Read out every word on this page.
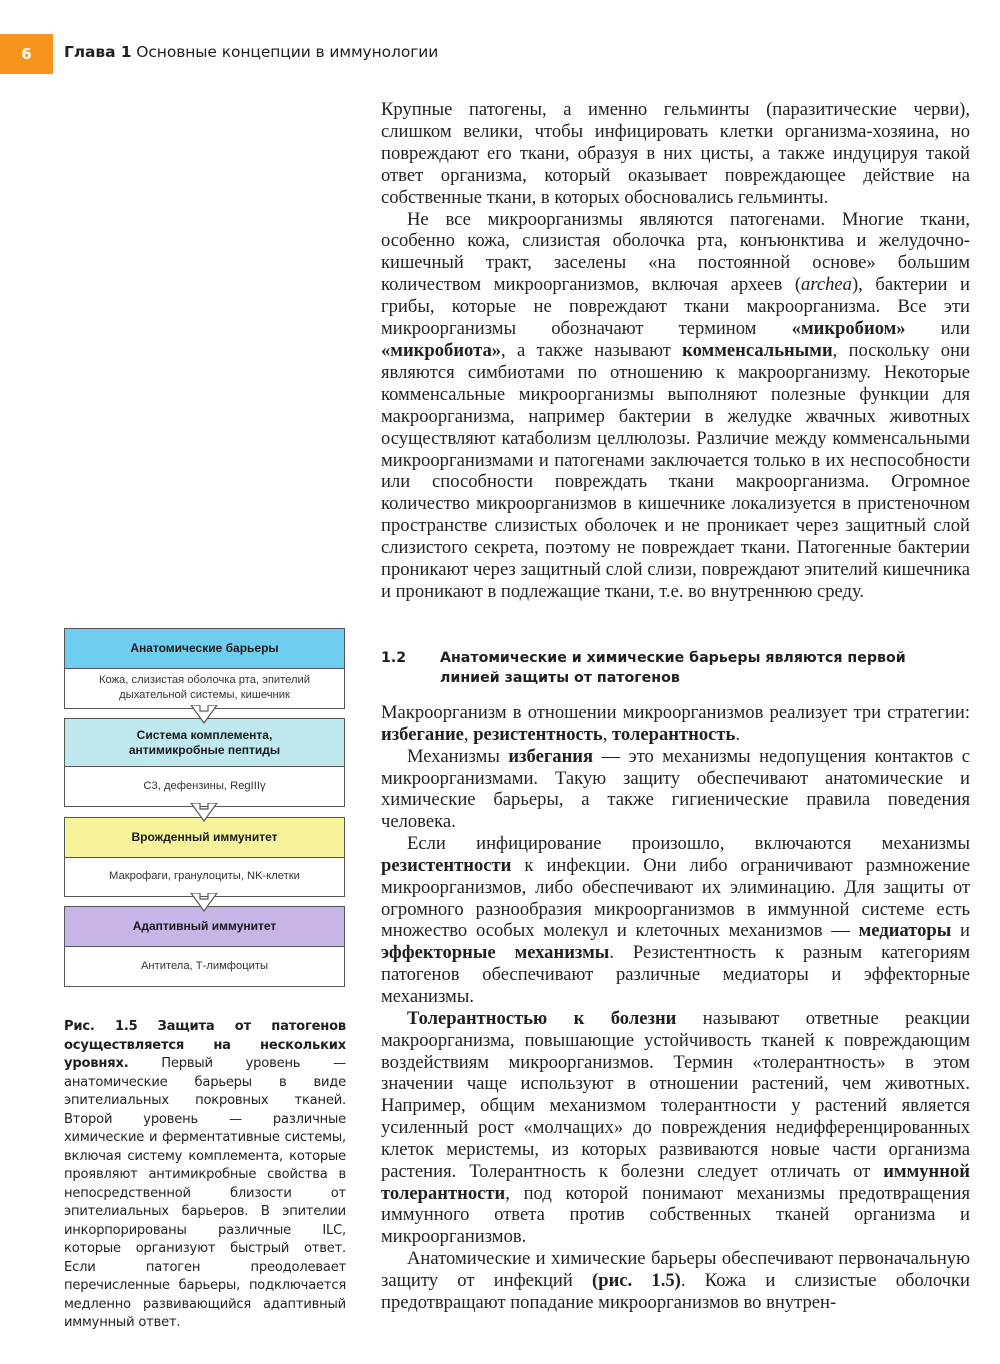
6	Глава 1 Основные концепции в иммунологии

Крупные патогены, а именно гельминты (паразитические черви), слишком велики, чтобы инфицировать клетки организма-хозяина, но повреждают его ткани, образуя в них цисты, а также индуцируя такой ответ организма, который оказывает повреждающее действие на собственные ткани, в которых обосновались гельминты.

Не все микроорганизмы являются патогенами. Многие ткани, особенно кожа, слизистая оболочка рта, конъюнктива и желудочно-кишечный тракт, заселены «на постоянной основе» большим количеством микроорганизмов, включая археев (archea), бактерии и грибы, которые не повреждают ткани макроорганизма. Все эти микроорганизмы обозначают термином «микробиом» или «микробиота», а также называют комменсальными, поскольку они являются симбиотами по отношению к макроорганизму. Некоторые комменсальные микроорганизмы выполняют полезные функции для макроорганизма, например бактерии в желудке жвачных животных осуществляют катаболизм целлюлозы. Различие между комменсальными микроорганизмами и патогенами заключается только в их неспособности или способности повреждать ткани макроорганизма. Огромное количество микроорганизмов в кишечнике локализуется в пристеночном пространстве слизистых оболочек и не проникает через защитный слой слизистого секрета, поэтому не повреждает ткани. Патогенные бактерии проникают через защитный слой слизи, повреждают эпителий кишечника и проникают в подлежащие ткани, т.е. во внутреннюю среду.

1.2	Анатомические и химические барьеры являются первой линией защиты от патогенов

Макроорганизм в отношении микроорганизмов реализует три стратегии: избегание, резистентность, толерантность.

Механизмы избегания — это механизмы недопущения контактов с микроорганизмами. Такую защиту обеспечивают анатомические и химические барьеры, а также гигиенические правила поведения человека.

Если инфицирование произошло, включаются механизмы резистентности к инфекции. Они либо ограничивают размножение микроорганизмов, либо обеспечивают их элиминацию. Для защиты от огромного разнообразия микроорганизмов в иммунной системе есть множество особых молекул и клеточных механизмов — медиаторы и эффекторные механизмы. Резистентность к разным категориям патогенов обеспечивают различные медиаторы и эффекторные механизмы.

Толерантностью к болезни называют ответные реакции макроорганизма, повышающие устойчивость тканей к повреждающим воздействиям микроорганизмов. Термин «толерантность» в этом значении чаще используют в отношении растений, чем животных. Например, общим механизмом толерантности у растений является усиленный рост «молчащих» до повреждения недифференцированных клеток меристемы, из которых развиваются новые части организма растения. Толерантность к болезни следует отличать от иммунной толерантности, под которой понимают механизмы предотвращения иммунного ответа против собственных тканей организма и микроорганизмов.

Анатомические и химические барьеры обеспечивают первоначальную защиту от инфекций (рис. 1.5). Кожа и слизистые оболочки предотвращают попадание микроорганизмов во внутрен-

Анатомические барьеры
Кожа, слизистая оболочка рта, эпителий дыхательной системы, кишечник
Система комплемента, антимикробные пептиды
C3, дефензины, RegIIIγ
Врожденный иммунитет
Макрофаги, гранулоциты, NK-клетки
Адаптивный иммунитет
Антитела, Т-лимфоциты
Рис. 1.5 Защита от патогенов осуществляется на нескольких уровнях.	Первый уровень — анатомические барьеры в виде эпителиальных покровных тканей. Второй уровень — различные химические и ферментативные системы, включая систему комплемента, которые проявляют антимикробные свойства в непосредственной близости от эпителиальных барьеров. В эпителии инкорпорированы различные ILC, которые организуют быстрый ответ. Если патоген преодолевает перечисленные барьеры, подключается медленно развивающийся адаптивный иммунный ответ.
